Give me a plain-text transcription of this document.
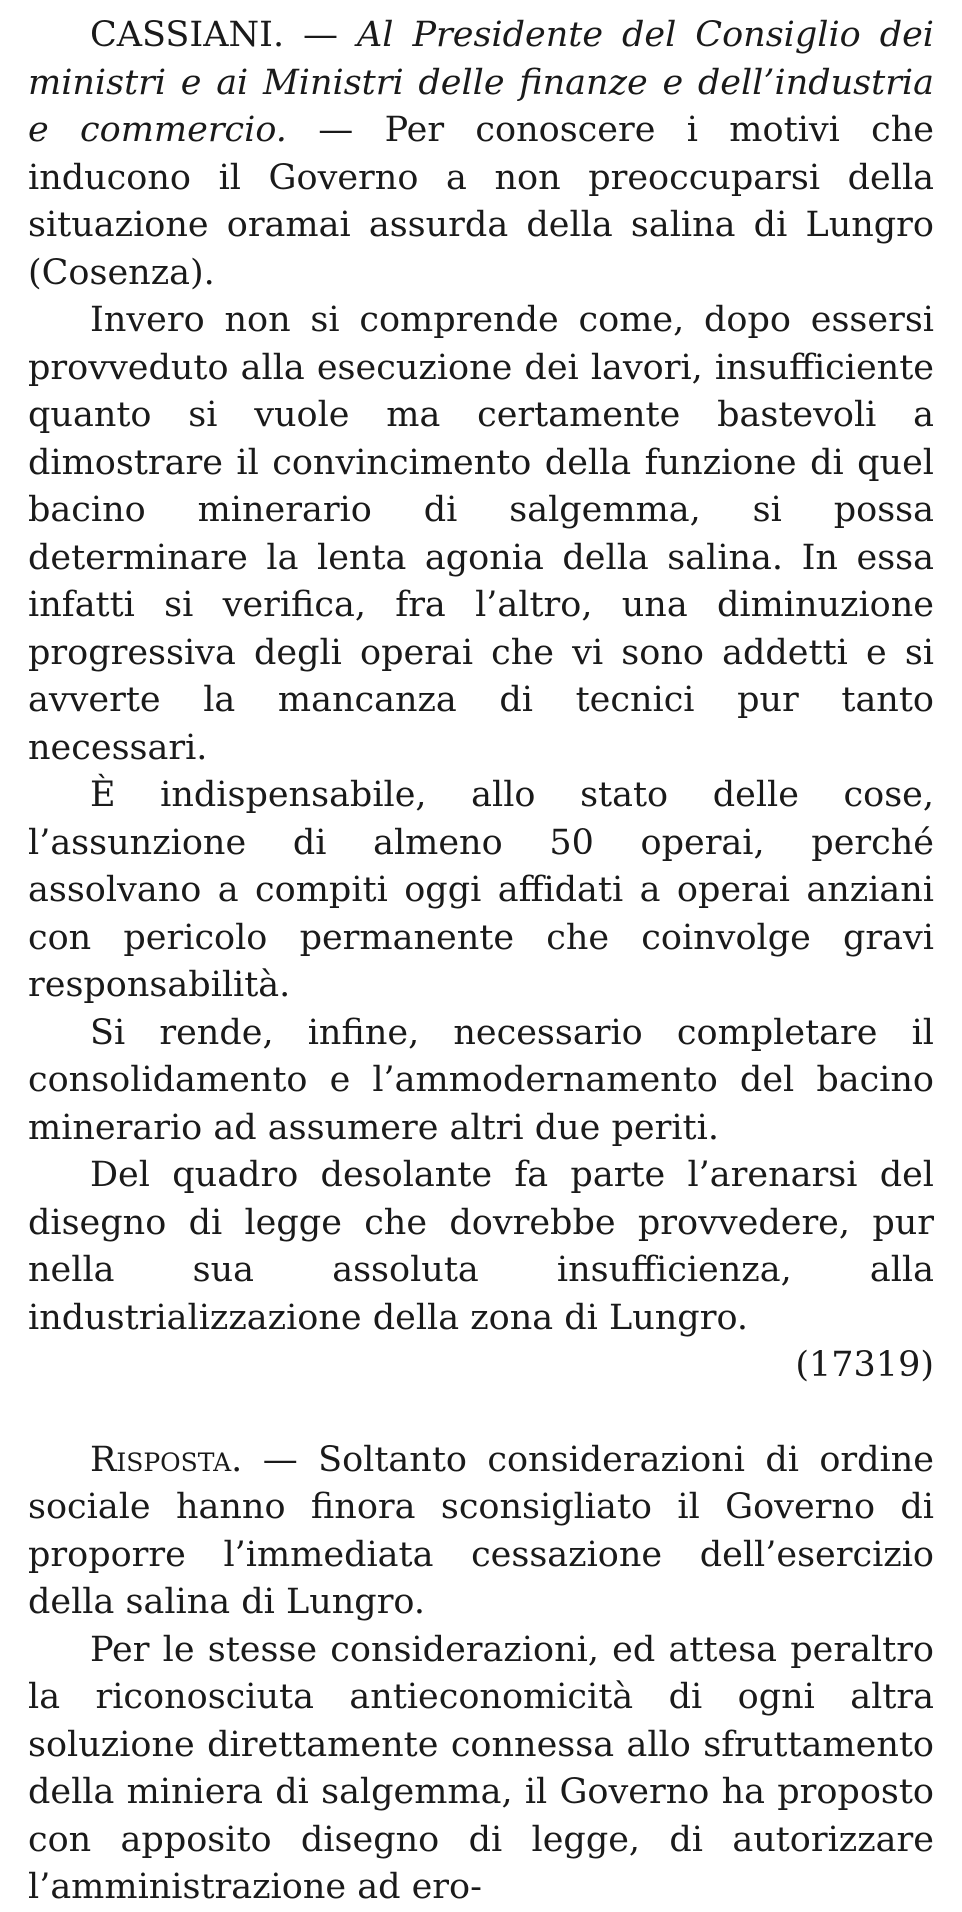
CASSIANI. — Al Presidente del Consiglio dei ministri e ai Ministri delle finanze e dell’industria e commercio. — Per conoscere i motivi che inducono il Governo a non preoccuparsi della situazione oramai assurda della salina di Lungro (Cosenza).

Invero non si comprende come, dopo essersi provveduto alla esecuzione dei lavori, insufficiente quanto si vuole ma certamente bastevoli a dimostrare il convincimento della funzione di quel bacino minerario di salgemma, si possa determinare la lenta agonia della salina. In essa infatti si verifica, fra l’altro, una diminuzione progressiva degli operai che vi sono addetti e si avverte la mancanza di tecnici pur tanto necessari.

È indispensabile, allo stato delle cose, l’assunzione di almeno 50 operai, perché assolvano a compiti oggi affidati a operai anziani con pericolo permanente che coinvolge gravi responsabilità.

Si rende, infine, necessario completare il consolidamento e l’ammodernamento del bacino minerario ad assumere altri due periti.

Del quadro desolante fa parte l’arenarsi del disegno di legge che dovrebbe provvedere, pur nella sua assoluta insufficienza, alla industrializzazione della zona di Lungro.

(17319)

Risposta. — Soltanto considerazioni di ordine sociale hanno finora sconsigliato il Governo di proporre l’immediata cessazione dell’esercizio della salina di Lungro.

Per le stesse considerazioni, ed attesa peraltro la riconosciuta antieconomicità di ogni altra soluzione direttamente connessa allo sfruttamento della miniera di salgemma, il Governo ha proposto con apposito disegno di legge, di autorizzare l’amministrazione ad ero-
